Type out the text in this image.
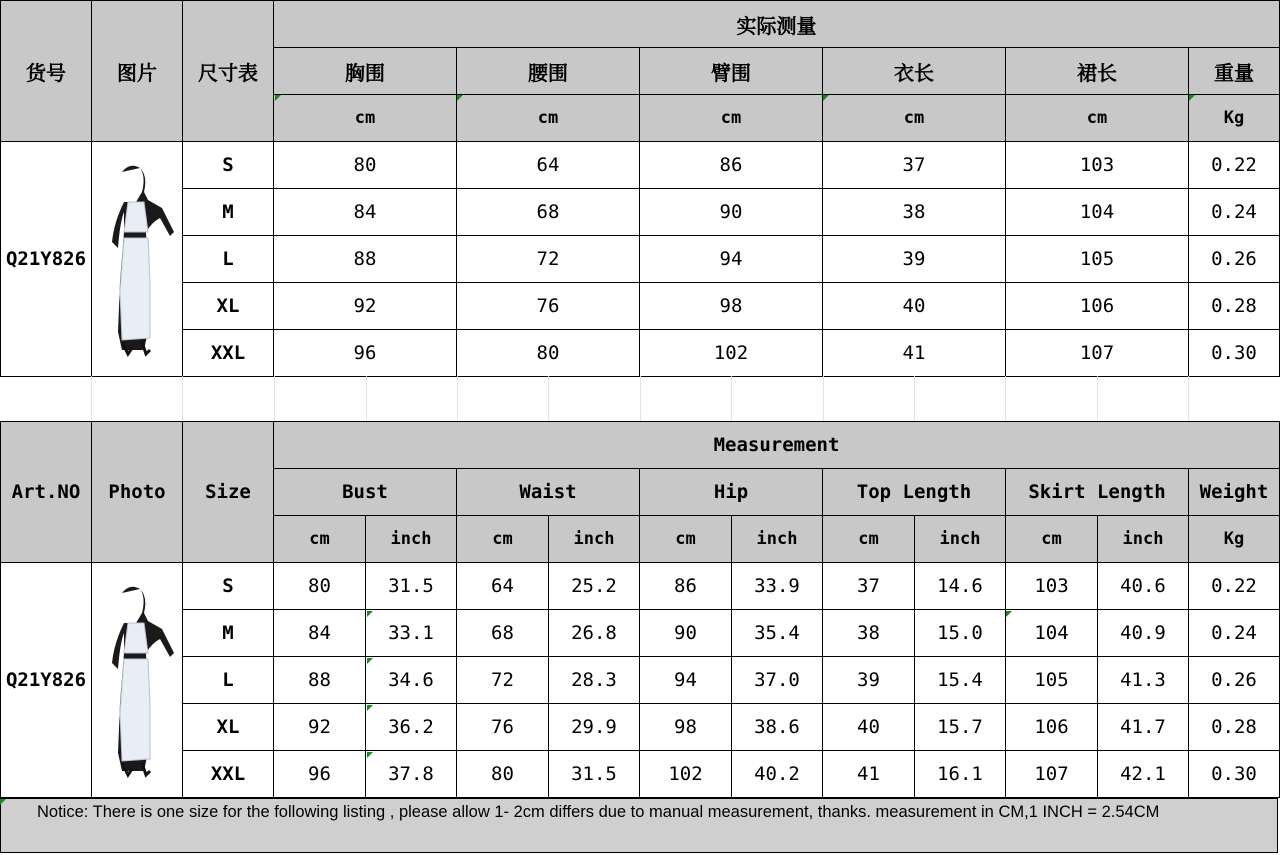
货号	图片	尺寸表	实际测量					
			胸围	腰围	臂围	衣长	裙长	重量
			cm	cm	cm	cm	cm	Kg
Q21Y826		S	80	64	86	37	103	0.22
		M	84	68	90	38	104	0.24
		L	88	72	94	39	105	0.26
		XL	92	76	98	40	106	0.28
		XXL	96	80	102	41	107	0.30
Art.NO	Photo	Size	Measurement										
			Bust		Waist		Hip		Top Length		Skirt Length		Weight
			cm	inch	cm	inch	cm	inch	cm	inch	cm	inch	Kg
Q21Y826		S	80	31.5	64	25.2	86	33.9	37	14.6	103	40.6	0.22
		M	84	33.1	68	26.8	90	35.4	38	15.0	104	40.9	0.24
		L	88	34.6	72	28.3	94	37.0	39	15.4	105	41.3	0.26
		XL	92	36.2	76	29.9	98	38.6	40	15.7	106	41.7	0.28
		XXL	96	37.8	80	31.5	102	40.2	41	16.1	107	42.1	0.30
Notice: There is one size for the following listing , please allow 1- 2cm differs due to manual measurement, thanks. measurement in CM,1 INCH = 2.54CM
